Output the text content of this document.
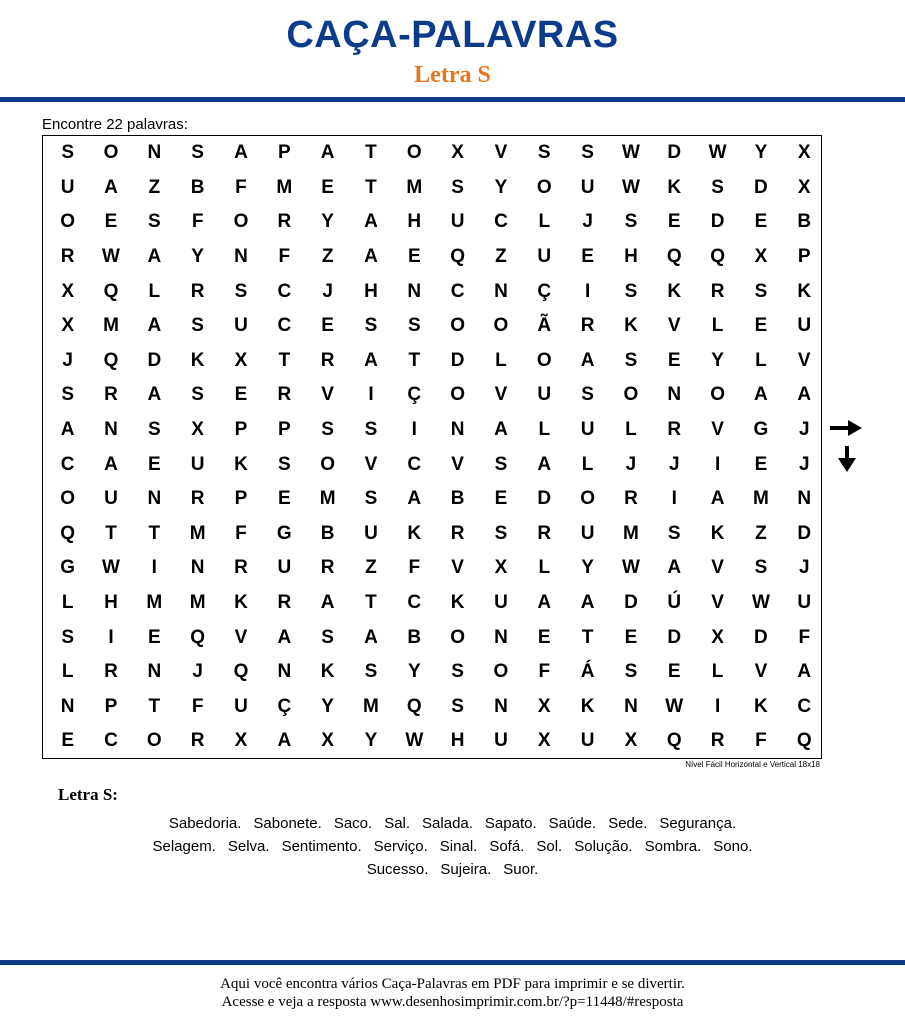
CAÇA-PALAVRAS
Letra S
Encontre 22 palavras:
S	O	N	S	A	P	A	T	O	X	V	S	S	W	D	W	Y	X
U	A	Z	B	F	M	E	T	M	S	Y	O	U	W	K	S	D	X
O	E	S	F	O	R	Y	A	H	U	C	L	J	S	E	D	E	B
R	W	A	Y	N	F	Z	A	E	Q	Z	U	E	H	Q	Q	X	P
X	Q	L	R	S	C	J	H	N	C	N	Ç	I	S	K	R	S	K
X	M	A	S	U	C	E	S	S	O	O	Ã	R	K	V	L	E	U
J	Q	D	K	X	T	R	A	T	D	L	O	A	S	E	Y	L	V
S	R	A	S	E	R	V	I	Ç	O	V	U	S	O	N	O	A	A
A	N	S	X	P	P	S	S	I	N	A	L	U	L	R	V	G	J
C	A	E	U	K	S	O	V	C	V	S	A	L	J	J	I	E	J
O	U	N	R	P	E	M	S	A	B	E	D	O	R	I	A	M	N
Q	T	T	M	F	G	B	U	K	R	S	R	U	M	S	K	Z	D
G	W	I	N	R	U	R	Z	F	V	X	L	Y	W	A	V	S	J
L	H	M	M	K	R	A	T	C	K	U	A	A	D	Ú	V	W	U
S	I	E	Q	V	A	S	A	B	O	N	E	T	E	D	X	D	F
L	R	N	J	Q	N	K	S	Y	S	O	F	Á	S	E	L	V	A
N	P	T	F	U	Ç	Y	M	Q	S	N	X	K	N	W	I	K	C
E	C	O	R	X	A	X	Y	W	H	U	X	U	X	Q	R	F	Q
Nível Fácil Horizontal e Vertical 18x18
Letra S:
Sabedoria. Sabonete. Saco. Sal. Salada. Sapato. Saúde. Sede. Segurança.
Selagem. Selva. Sentimento. Serviço. Sinal. Sofá. Sol. Solução. Sombra. Sono.
Sucesso. Sujeira. Suor.
Aqui você encontra vários Caça-Palavras em PDF para imprimir e se divertir.
Acesse e veja a resposta www.desenhosimprimir.com.br/?p=11448/#resposta
